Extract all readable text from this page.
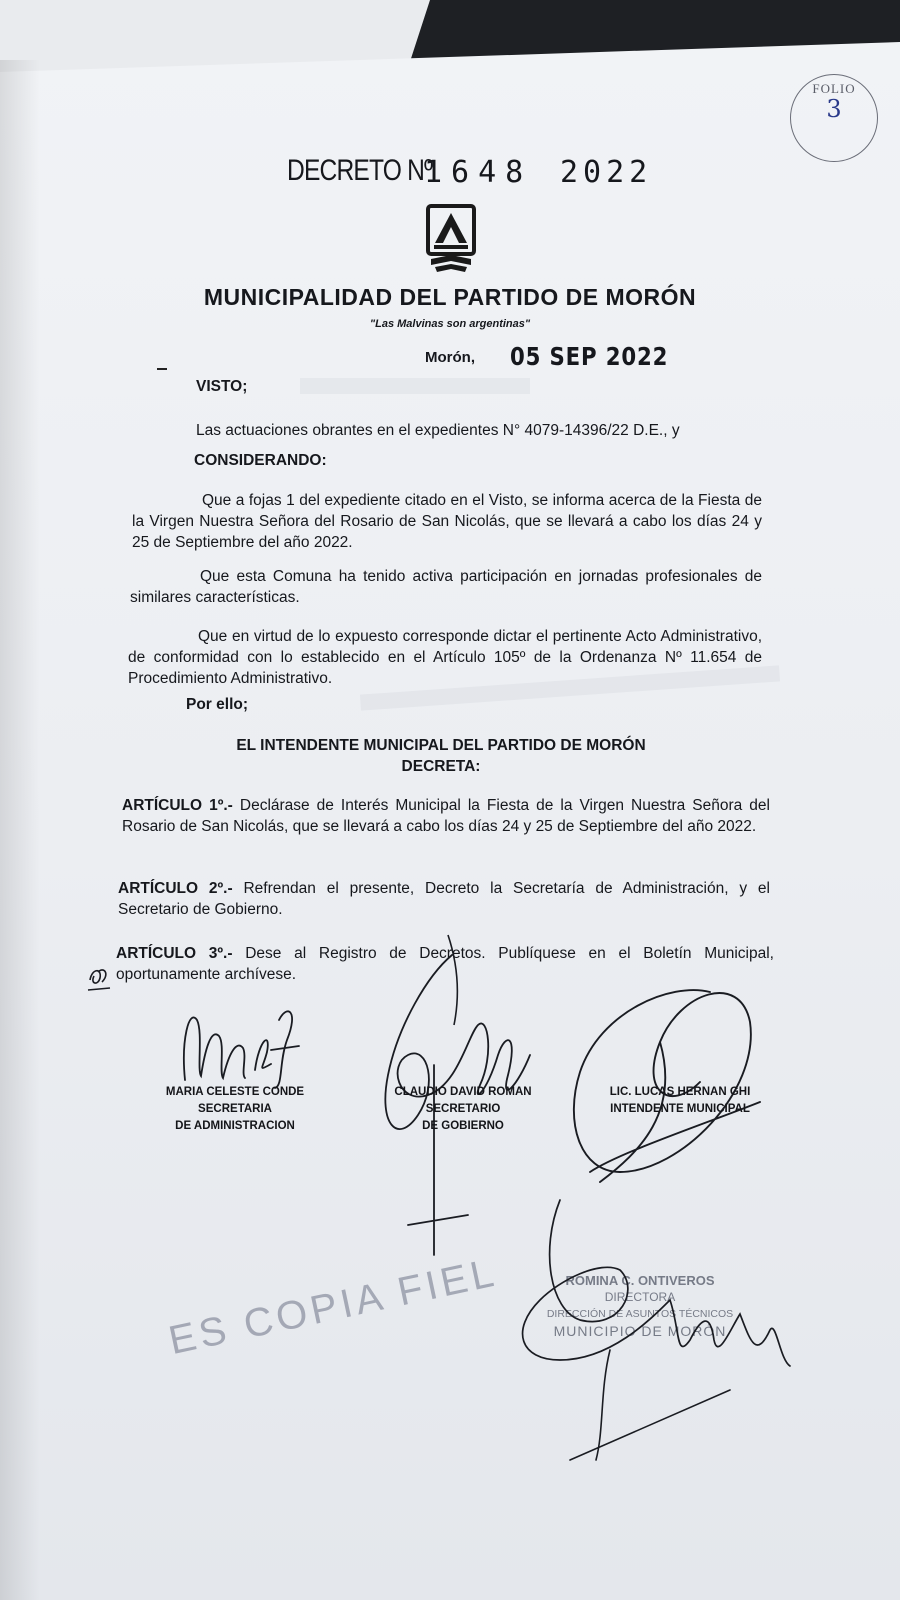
FOLIO
3
DECRETO Nº
1648 2022
MUNICIPALIDAD DEL PARTIDO DE MORÓN
"Las Malvinas son argentinas"
Morón, 05 SEP 2022
VISTO;
Las actuaciones obrantes en el expedientes N° 4079-14396/22 D.E., y
CONSIDERANDO:
Que a fojas 1 del expediente citado en el Visto, se informa acerca de la Fiesta de la Virgen Nuestra Señora del Rosario de San Nicolás, que se llevará a cabo los días 24 y 25 de Septiembre del año 2022.
Que esta Comuna ha tenido activa participación en jornadas profesionales de similares características.
Que en virtud de lo expuesto corresponde dictar el pertinente Acto Administrativo, de conformidad con lo establecido en el Artículo 105º de la Ordenanza Nº 11.654 de Procedimiento Administrativo.
Por ello;
EL INTENDENTE MUNICIPAL DEL PARTIDO DE MORÓN
DECRETA:
ARTÍCULO 1º.- Declárase de Interés Municipal la Fiesta de la Virgen Nuestra Señora del Rosario de San Nicolás, que se llevará a cabo los días 24 y 25 de Septiembre del año 2022.
ARTÍCULO 2º.- Refrendan el presente, Decreto la Secretaría de Administración, y el Secretario de Gobierno.
ARTÍCULO 3º.- Dese al Registro de Decretos. Publíquese en el Boletín Municipal, oportunamente archívese.
MARIA CELESTE CONDE
SECRETARIA
DE ADMINISTRACION
CLAUDIO DAVID ROMAN
SECRETARIO
DE GOBIERNO
LIC. LUCAS HERNAN GHI
INTENDENTE MUNICIPAL
ES COPIA FIEL	ROMINA C. ONTIVEROS
DIRECTORA
DIRECCIÓN DE ASUNTOS TÉCNICOS
MUNICIPIO DE MORÓN
